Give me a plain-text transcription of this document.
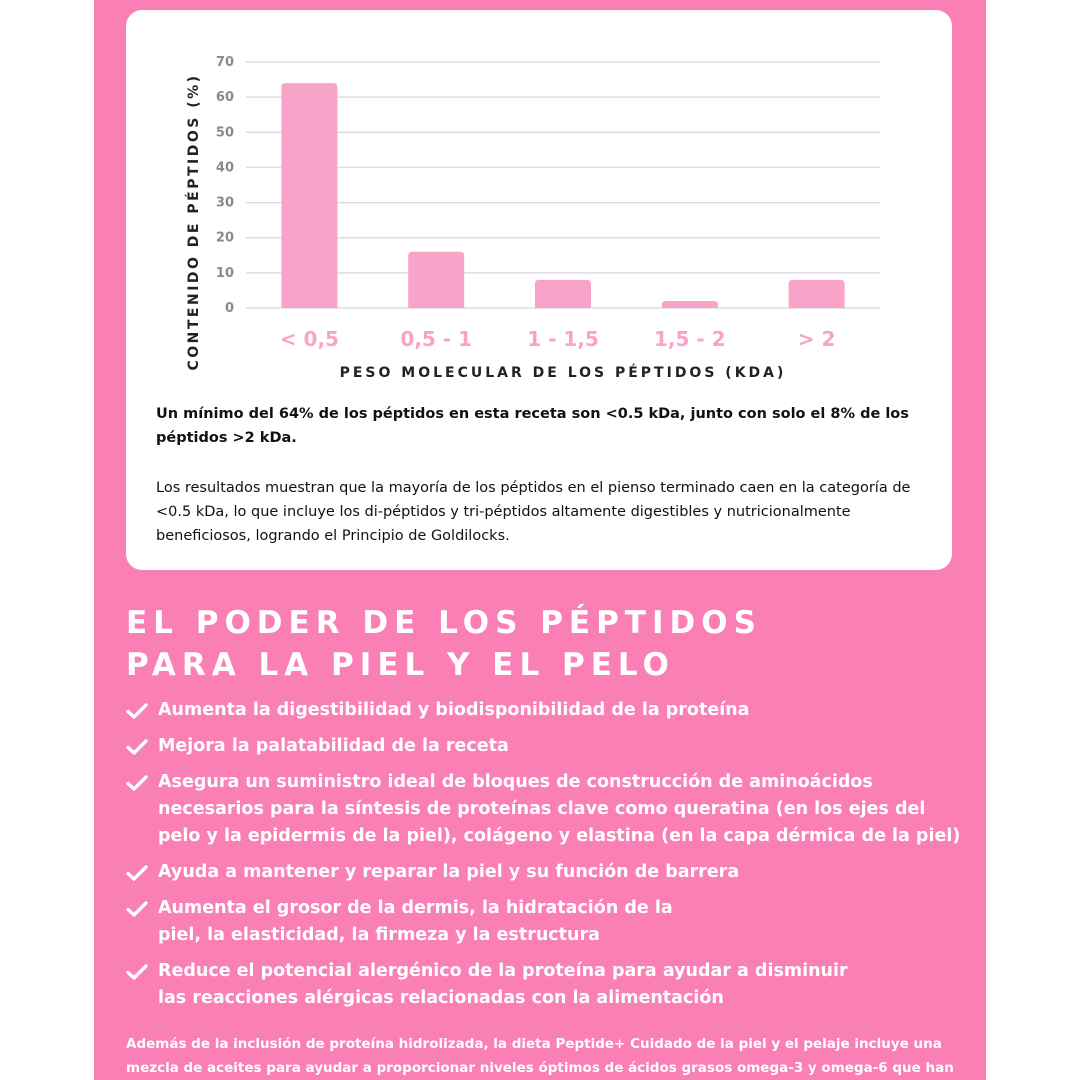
0
10
20
30
40
50
60
70
< 0,5	0,5 - 1	1 - 1,5	1,5 - 2	> 2
PESO MOLECULAR DE LOS PÉPTIDOS (KDA)
CONTENIDO DE PÉPTIDOS (%)
Un mínimo del 64% de los péptidos en esta receta son <0.5 kDa, junto con solo el 8% de los péptidos >2 kDa.
Los resultados muestran que la mayoría de los péptidos en el pienso terminado caen en la categoría de <0.5 kDa, lo que incluye los di-péptidos y tri-péptidos altamente digestibles y nutricionalmente beneficiosos, logrando el Principio de Goldilocks.
EL PODER DE LOS PÉPTIDOS
PARA LA PIEL Y EL PELO
Aumenta la digestibilidad y biodisponibilidad de la proteína
Mejora la palatabilidad de la receta
Asegura un suministro ideal de bloques de construcción de aminoácidos
necesarios para la síntesis de proteínas clave como queratina (en los ejes del
pelo y la epidermis de la piel), colágeno y elastina (en la capa dérmica de la piel)
Ayuda a mantener y reparar la piel y su función de barrera
Aumenta el grosor de la dermis, la hidratación de la
piel, la elasticidad, la firmeza y la estructura
Reduce el potencial alergénico de la proteína para ayudar a disminuir
las reacciones alérgicas relacionadas con la alimentación
Además de la inclusión de proteína hidrolizada, la dieta Peptide+ Cuidado de la piel y el pelaje incluye una
mezcla de aceites para ayudar a proporcionar niveles óptimos de ácidos grasos omega-3 y omega-6 que han
